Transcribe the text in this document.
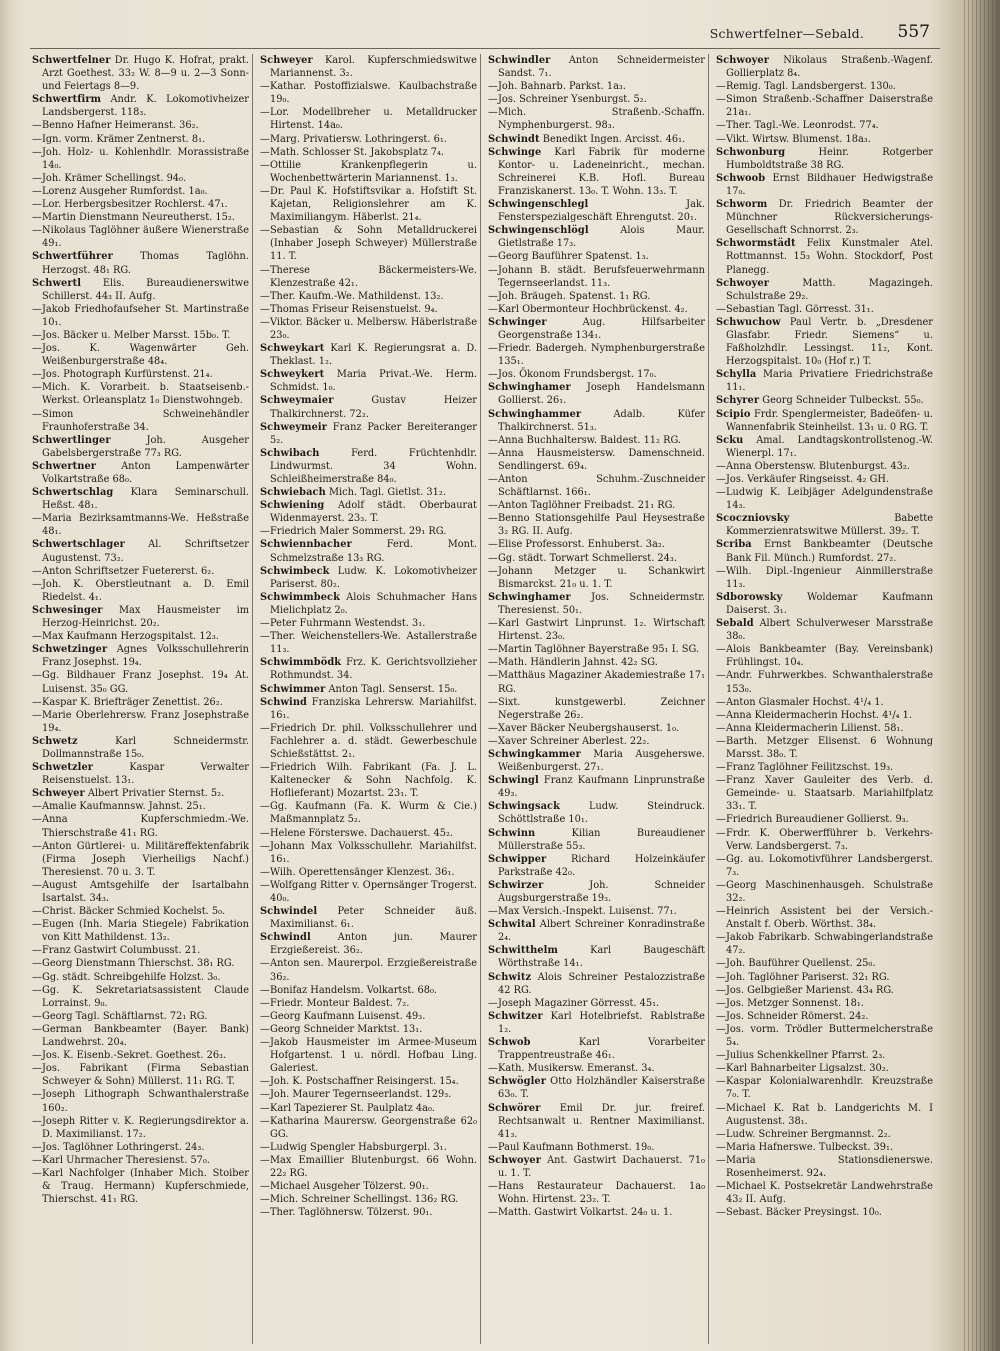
Schwertfelner—Sebald. 557
Schwertfelner Dr. Hugo K. Hofrat, prakt. Arzt Goethest. 33₂ W. 8—9 u. 2—3 Sonn- und Feiertags 8—9.
Schwertfirm Andr. K. Lokomotivheizer Landsbergerst. 118₃.
—Benno Hafner Heimeranst. 36₂.
—Ign. vorm. Krämer Zentnerst. 8₁.
—Joh. Holz- u. Kohlenhdlr. Morassistraße 14₀.
—Joh. Krämer Schellingst. 94₀.
—Lorenz Ausgeher Rumfordst. 1a₀.
—Lor. Herbergsbesitzer Rochlerst. 47₁.
—Martin Dienstmann Neureutherst. 15₂.
—Nikolaus Taglöhner äußere Wienerstraße 49₁.
Schwertführer	Thomas Taglöhn. Herzogst. 48₁ RG.
Schwertl Elis. Bureaudienerswitwe Schillerst. 44₃ II. Aufg.
—Jakob Friedhofaufseher St. Martinstraße 10₁.
—Jos. Bäcker u. Melber Marsst. 15b₀. T.
—Jos. K. Wagenwärter Geh. Weißenburgerstraße 48₄.
—Jos. Photograph Kurfürstenst. 21₄.
—Mich. K. Vorarbeit. b. Staatseisenb.-Werkst. Orleansplatz 1₀ Dienstwohngeb.
—Simon Schweinehändler Fraunhoferstraße 34.
Schwertlinger	Joh. Ausgeher Gabelsbergerstraße 77₃ RG.
Schwertner	Anton Lampenwärter Volkartstraße 68₀.
Schwertschlag Klara Seminarschull. Heßst. 48₁.
—Maria Bezirksamtmanns-We. Heßstraße 48₁.
Schwertschlager Al. Schriftsetzer Augustenst. 73₂.
—Anton Schriftsetzer Fuetererst. 6₂.
—Joh. K. Oberstleutnant a. D. Emil Riedelst. 4₁.
Schwesinger Max Hausmeister im Herzog-Heinrichst. 20₂.
—Max Kaufmann Herzogspitalst. 12₃.
Schwetzinger Agnes Volksschullehrerin Franz Josephst. 19₄.
—Gg. Bildhauer Franz Josephst. 19₄ At. Luisenst. 35₀ GG.
—Kaspar K. Briefträger Zenettist. 26₂.
—Marie Oberlehrersw. Franz Josephstraße 19₄.
Schwetz	Karl Schneidermstr. Dollmannstraße 15₀.
Schwetzler	Kaspar Verwalter Reisenstuelst. 13₁.
Schweyer Albert Privatier Sternst. 5₂.
—Amalie Kaufmannsw. Jahnst. 25₁.
—Anna Kupferschmiedm.-We. Thierschstraße 41₁ RG.
—Anton Gürtlerei- u. Militäreffektenfabrik (Firma Joseph Vierheiligs Nachf.) Theresienst. 70 u. 3. T.
—August Amtsgehilfe der Isartalbahn Isartalst. 34₃.
—Christ. Bäcker Schmied Kochelst. 5₀.
—Eugen (Inh. Maria Stiegele) Fabrikation von Kitt Mathildenst. 13₂.
—Franz Gastwirt Columbusst. 21.
—Georg Dienstmann Thierschst. 38₁ RG.
—Gg. städt. Schreibgehilfe Holzst. 3₀.
—Gg. K. Sekretariatsassistent Claude Lorrainst. 9₀.
—Georg Tagl. Schäftlarnst. 72₁ RG.
—German Bankbeamter (Bayer. Bank) Landwehrst. 20₄.
—Jos. K. Eisenb.-Sekret. Goethest. 26₃.
—Jos. Fabrikant (Firma Sebastian Schweyer & Sohn) Müllerst. 11₁ RG. T.
—Joseph Lithograph Schwanthalerstraße 160₂.
—Joseph Ritter v. K. Regierungsdirektor a. D. Maximilianst. 17₂.
—Jos. Taglöhner Lothringerst. 24₃.
—Karl Uhrmacher Theresienst. 57₀.
—Karl Nachfolger (Inhaber Mich. Stoiber & Traug. Hermann) Kupferschmiede, Thierschst. 41₁ RG.
Schweyer Karol. Kupferschmiedswitwe Mariannenst. 3₂.
—Kathar. Postoffizialswe. Kaulbachstraße 19₀.
—Lor. Modellbreher u. Metalldrucker Hirtenst. 14a₀.
—Marg. Privatiersw. Lothringerst. 6₁.
—Math. Schlosser St. Jakobsplatz 7₄.
—Ottilie Krankenpflegerin u. Wochenbettwärterin Mariannenst. 1₃.
—Dr. Paul K. Hofstiftsvikar a. Hofstift St. Kajetan, Religionslehrer am K. Maximiliangym. Häberlst. 21₄.
—Sebastian & Sohn Metalldruckerei (Inhaber Joseph Schweyer) Müllerstraße 11. T.
—Therese Bäckermeisters-We. Klenzestraße 42₁.
—Ther. Kaufm.-We. Mathildenst. 13₂.
—Thomas Friseur Reisenstuelst. 9₄.
—Viktor. Bäcker u. Melbersw. Häberlstraße 23₀.
Schweykart Karl K. Regierungsrat a. D. Theklast. 1₂.
Schweykert Maria Privat.-We. Herm. Schmidst. 1₀.
Schweymaier	Gustav Heizer Thalkirchnerst. 72₂.
Schweymeir Franz Packer Bereiteranger 5₂.
Schwibach	Ferd. Früchtenhdlr. Lindwurmst. 34 Wohn. Schleißheimerstraße 84₀.
Schwiebach Mich. Tagl. Gietlst. 31₂.
Schwiening Adolf städt. Oberbaurat Widenmayerst. 23₃. T.
—Friedrich Maler Sommerst. 29₁ RG.
Schwiennbacher	Ferd. Mont. Schmelzstraße 13₃ RG.
Schwimbeck Ludw. K. Lokomotivheizer Pariserst. 80₂.
Schwimmbeck Alois Schuhmacher Hans Mielichplatz 2₀.
—Peter Fuhrmann Westendst. 3₁.
—Ther. Weichenstellers-We. Astallerstraße 11₃.
Schwimmbödk Frz. K. Gerichtsvollzieher Rothmundst. 34.
Schwimmer Anton Tagl. Senserst. 15₀.
Schwind Franziska Lehrersw. Mariahilfst. 16₁.
—Friedrich Dr. phil. Volksschullehrer und Fachlehrer a. d. städt. Gewerbeschule Schießstättst. 2₁.
—Friedrich Wilh. Fabrikant (Fa. J. L. Kaltenecker & Sohn Nachfolg. K. Hoflieferant) Mozartst. 23₁. T.
—Gg. Kaufmann (Fa. K. Wurm & Cie.) Maßmannplatz 5₂.
—Helene Försterswe. Dachauerst. 45₂.
—Johann Max Volksschullehr. Mariahilfst. 16₁.
—Wilh. Operettensänger Klenzest. 36₁.
—Wolfgang Ritter v. Opernsänger Trogerst. 40₀.
Schwindel Peter Schneider äuß. Maximilianst. 6₁.
Schwindl	Anton jun. Maurer Erzgießereist. 36₂.
—Anton sen. Maurerpol. Erzgießereistraße 36₂.
—Bonifaz Handelsm. Volkartst. 68₀.
—Friedr. Monteur Baldest. 7₂.
—Georg Kaufmann Luisenst. 49₃.
—Georg Schneider Marktst. 13₁.
—Jakob Hausmeister im Armee-Museum Hofgartenst. 1 u. nördl. Hofbau Ling. Galeriest.
—Joh. K. Postschaffner Reisingerst. 15₄.
—Joh. Maurer Tegernseerlandst. 129₃.
—Karl Tapezierer St. Paulplatz 4a₀.
—Katharina Maurersw. Georgenstraße 62₀ GG.
—Ludwig Spengler Habsburgerpl. 3₁.
—Max Emaillier Blutenburgst. 66 Wohn. 22₂ RG.
—Michael Ausgeher Tölzerst. 90₁.
—Mich. Schreiner Schellingst. 136₂ RG.
—Ther. Taglöhnersw. Tölzerst. 90₁.
Schwindler Anton Schneidermeister Sandst. 7₁.
—Joh. Bahnarb. Parkst. 1a₃.
—Jos. Schreiner Ysenburgst. 5₂.
—Mich. Straßenb.-Schaffn. Nymphenburgerst. 98₃.
Schwindt Benedikt Ingen. Arcisst. 46₁.
Schwinge Karl Fabrik für moderne Kontor- u. Ladeneinricht., mechan. Schreinerei K.B. Hofl. Bureau Franziskanerst. 13₀. T. Wohn. 13₃. T.
Schwingenschlegl	Jak. Fensterspezialgeschäft Ehrengutst. 20₁.
Schwingenschlögl	Alois Maur. Gietlstraße 17₃.
—Georg Bauführer Spatenst. 1₃.
—Johann B. städt. Berufsfeuerwehrmann Tegernseerlandst. 11₃.
—Joh. Bräugeh. Spatenst. 1₁ RG.
—Karl Obermonteur Hochbrückenst. 4₂.
Schwinger	Aug. Hilfsarbeiter Georgenstraße 134₁.
—Friedr. Badergeh. Nymphenburgerstraße 135₁.
—Jos. Ökonom Frundsbergst. 17₀.
Schwinghamer Joseph Handelsmann Gollierst. 26₁.
Schwinghammer	Adalb. Küfer Thalkirchnerst. 51₃.
—Anna Buchhaltersw. Baldest. 11₂ RG.
—Anna Hausmeistersw. Damenschneid. Sendlingerst. 69₄.
—Anton Schuhm.-Zuschneider Schäftlarnst. 166₁.
—Anton Taglöhner Freibadst. 21₁ RG.
—Benno Stationsgehilfe Paul Heysestraße 3₂ RG. II. Aufg.
—Elise Professorst. Enhuberst. 3a₂.
—Gg. städt. Torwart Schmellerst. 24₃.
—Johann Metzger u. Schankwirt Bismarckst. 21₀ u. 1. T.
Schwinghamer Jos. Schneidermstr. Theresienst. 50₁.
—Karl Gastwirt Linprunst. 1₂. Wirtschaft Hirtenst. 23₀.
—Martin Taglöhner Bayerstraße 95₁ I. SG.
—Math. Händlerin Jahnst. 42₂ SG.
—Matthäus Magaziner Akademiestraße 17₁ RG.
—Sixt. kunstgewerbl. Zeichner Negerstraße 26₂.
—Xaver Bäcker Neubergshauserst. 1₀.
—Xaver Schreiner Aberlest. 22₂.
Schwingkammer Maria Ausgeherswe. Weißenburgerst. 27₁.
Schwingl Franz Kaufmann Linprunstraße 49₃.
Schwingsack	Ludw. Steindruck. Schöttlstraße 10₁.
Schwinn	Kilian Bureaudiener Müllerstraße 55₃.
Schwipper	Richard Holzeinkäufer Parkstraße 42₀.
Schwirzer	Joh. Schneider Augsburgerstraße 19₃.
—Max Versich.-Inspekt. Luisenst. 77₁.
Schwital Albert Schreiner Konradinstraße 2₄.
Schwitthelm	Karl Baugeschäft Wörthstraße 14₁.
Schwitz Alois Schreiner Pestalozzistraße 42 RG.
—Joseph Magaziner Görresst. 45₁.
Schwitzer Karl Hotelbriefst. Rablstraße 1₂.
Schwob	Karl Vorarbeiter Trappentreustraße 46₁.
—Kath. Musikersw. Emeranst. 3₄.
Schwögler Otto Holzhändler Kaiserstraße 63₀. T.
Schwörer Emil Dr. jur. freiref. Rechtsanwalt u. Rentner Maximilianst. 41₃.
—Paul Kaufmann Bothmerst. 19₀.
Schwoyer Ant. Gastwirt Dachauerst. 71₀ u. 1. T.
—Hans Restaurateur Dachauerst. 1a₀ Wohn. Hirtenst. 23₂. T.
—Matth. Gastwirt Volkartst. 24₀ u. 1.
Schwoyer Nikolaus Straßenb.-Wagenf. Gollierplatz 8₄.
—Remig. Tagl. Landsbergerst. 130₀.
—Simon Straßenb.-Schaffner Daiserstraße 21a₁.
—Ther. Tagl.-We. Leonrodst. 77₄.
—Vikt. Wirtsw. Blumenst. 18a₃.
Schwonburg	Heinr. Rotgerber Humboldtstraße 38 RG.
Schwoob Ernst Bildhauer Hedwigstraße 17₀.
Schworm Dr. Friedrich Beamter der Münchner Rückversicherungs-Gesellschaft Schnorrst. 2₃.
Schwormstädt Felix Kunstmaler Atel. Rottmannst. 15₃ Wohn. Stockdorf, Post Planegg.
Schwoyer	Matth. Magazingeh. Schulstraße 29₂.
—Sebastian Tagl. Görresst. 31₁.
Schwuchow Paul Vertr. b. „Dresdener Glasfabr. Friedr. Siemens“ u. Faßholzhdlr. Lessingst. 11₂, Kont. Herzogspitalst. 10₀ (Hof r.) T.
Schylla Maria Privatiere Friedrichstraße 11₁.
Schyrer Georg Schneider Tulbeckst. 55₀.
Scipio Frdr. Spenglermeister, Badeöfen- u. Wannenfabrik Steinheilst. 13₁ u. 0 RG. T.
Scku Amal. Landtagskontrollstenog.-W. Wienerpl. 17₁.
—Anna Oberstensw. Blutenburgst. 43₂.
—Jos. Verkäufer Ringseisst. 4₂ GH.
—Ludwig K. Leibjäger Adelgundenstraße 14₃.
Scoczniovsky	Babette Kommerzienratswitwe Müllerst. 39₂. T.
Scriba Ernst Bankbeamter (Deutsche Bank Fil. Münch.) Rumfordst. 27₂.
—Wilh. Dipl.-Ingenieur Ainmillerstraße 11₃.
Sdborowsky	Woldemar Kaufmann Daiserst. 3₁.
Sebald Albert Schulverweser Marsstraße 38₀.
—Alois Bankbeamter (Bay. Vereinsbank) Frühlingst. 10₄.
—Andr. Fuhrwerkbes. Schwanthalerstraße 153₀.
—Anton Glasmaler Hochst. 4¹/₄ 1.
—Anna Kleidermacherin Hochst. 4¹/₄ 1.
—Anna Kleidermacherin Lilienst. 58₁.
—Barth. Metzger Elisenst. 6 Wohnung Marsst. 38₀. T.
—Franz Taglöhner Feilitzschst. 19₃.
—Franz Xaver Gauleiter des Verb. d. Gemeinde- u. Staatsarb. Mariahilfplatz 33₁. T.
—Friedrich Bureaudiener Gollierst. 9₃.
—Frdr. K. Oberwerfführer b. Verkehrs-Verw. Landsbergerst. 7₃.
—Gg. au. Lokomotivführer Landsbergerst. 7₃.
—Georg Maschinenhausgeh. Schulstraße 32₂.
—Heinrich Assistent bei der Versich.-Anstalt f. Oberb. Wörthst. 38₄.
—Jakob Fabrikarb. Schwabingerlandstraße 47₂.
—Joh. Bauführer Quellenst. 25₀.
—Joh. Taglöhner Pariserst. 32₁ RG.
—Jos. Gelbgießer Marienst. 43₄ RG.
—Jos. Metzger Sonnenst. 18₁.
—Jos. Schneider Römerst. 24₂.
—Jos. vorm. Trödler Buttermelcherstraße 5₄.
—Julius Schenkkellner Pfarrst. 2₃.
—Karl Bahnarbeiter Ligsalzst. 30₂.
—Kaspar Kolonialwarenhdlr. Kreuzstraße 7₀. T.
—Michael K. Rat b. Landgerichts M. I Augustenst. 38₁.
—Ludw. Schreiner Bergmannst. 2₂.
—Maria Hafnerswe. Tulbeckst. 39₁.
—Maria Stationsdienerswe. Rosenheimerst. 92₄.
—Michael K. Postsekretär Landwehrstraße 43₂ II. Aufg.
—Sebast. Bäcker Preysingst. 10₀.
